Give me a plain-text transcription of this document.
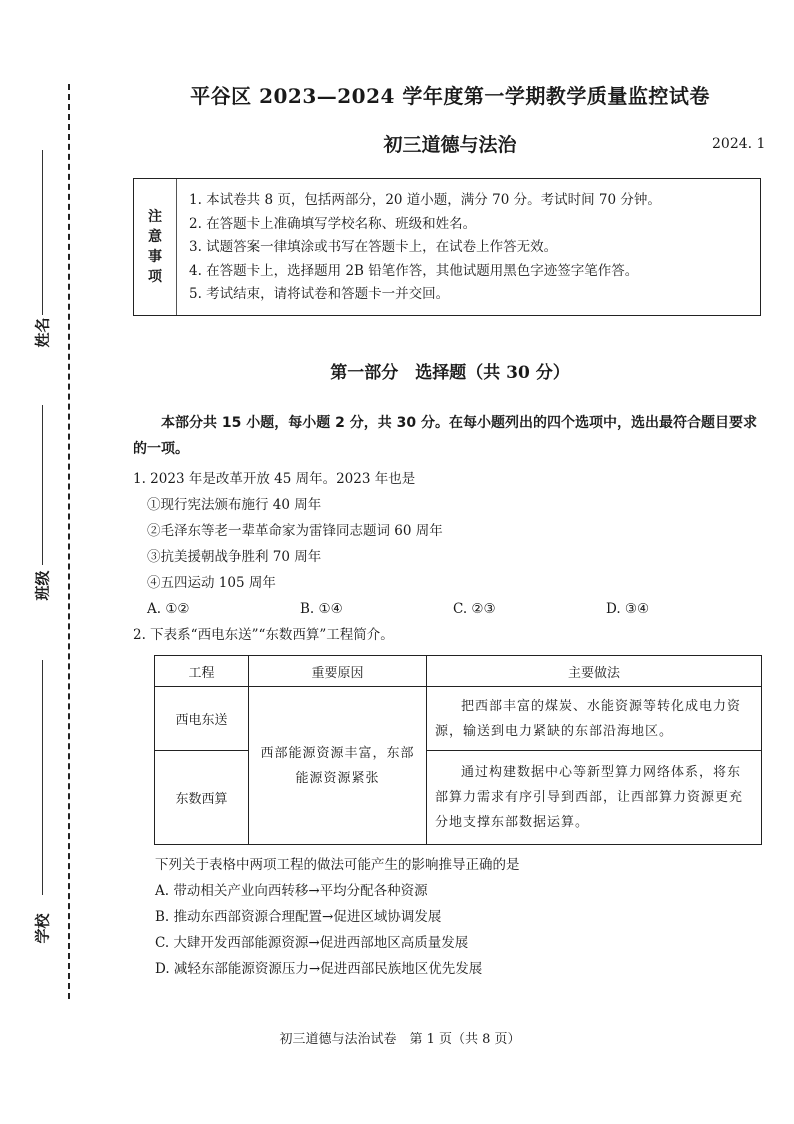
姓名
班级
学校
平谷区 2023—2024 学年度第一学期教学质量监控试卷
初三道德与法治	2024. 1
注
意
事
项
1. 本试卷共 8 页，包括两部分，20 道小题，满分 70 分。考试时间 70 分钟。
2. 在答题卡上准确填写学校名称、班级和姓名。
3. 试题答案一律填涂或书写在答题卡上，在试卷上作答无效。
4. 在答题卡上，选择题用 2B 铅笔作答，其他试题用黑色字迹签字笔作答。
5. 考试结束，请将试卷和答题卡一并交回。
第一部分　选择题（共 30 分）
本部分共 15 小题，每小题 2 分，共 30 分。在每小题列出的四个选项中，选出最符合题目要求的一项。
1. 2023 年是改革开放 45 周年。2023 年也是
①现行宪法颁布施行 40 周年
②毛泽东等老一辈革命家为雷锋同志题词 60 周年
③抗美援朝战争胜利 70 周年
④五四运动 105 周年
A. ①②	B. ①④	C. ②③	D. ③④
2. 下表系“西电东送”“东数西算”工程简介。
工程	重要原因	主要做法
西电东送	西部能源资源丰富，东部能源资源紧张	把西部丰富的煤炭、水能资源等转化成电力资源，输送到电力紧缺的东部沿海地区。
东数西算		通过构建数据中心等新型算力网络体系，将东部算力需求有序引导到西部，让西部算力资源更充分地支撑东部数据运算。
下列关于表格中两项工程的做法可能产生的影响推导正确的是
A. 带动相关产业向西转移→平均分配各种资源
B. 推动东西部资源合理配置→促进区域协调发展
C. 大肆开发西部能源资源→促进西部地区高质量发展
D. 减轻东部能源资源压力→促进西部民族地区优先发展
初三道德与法治试卷　第 1 页（共 8 页）
